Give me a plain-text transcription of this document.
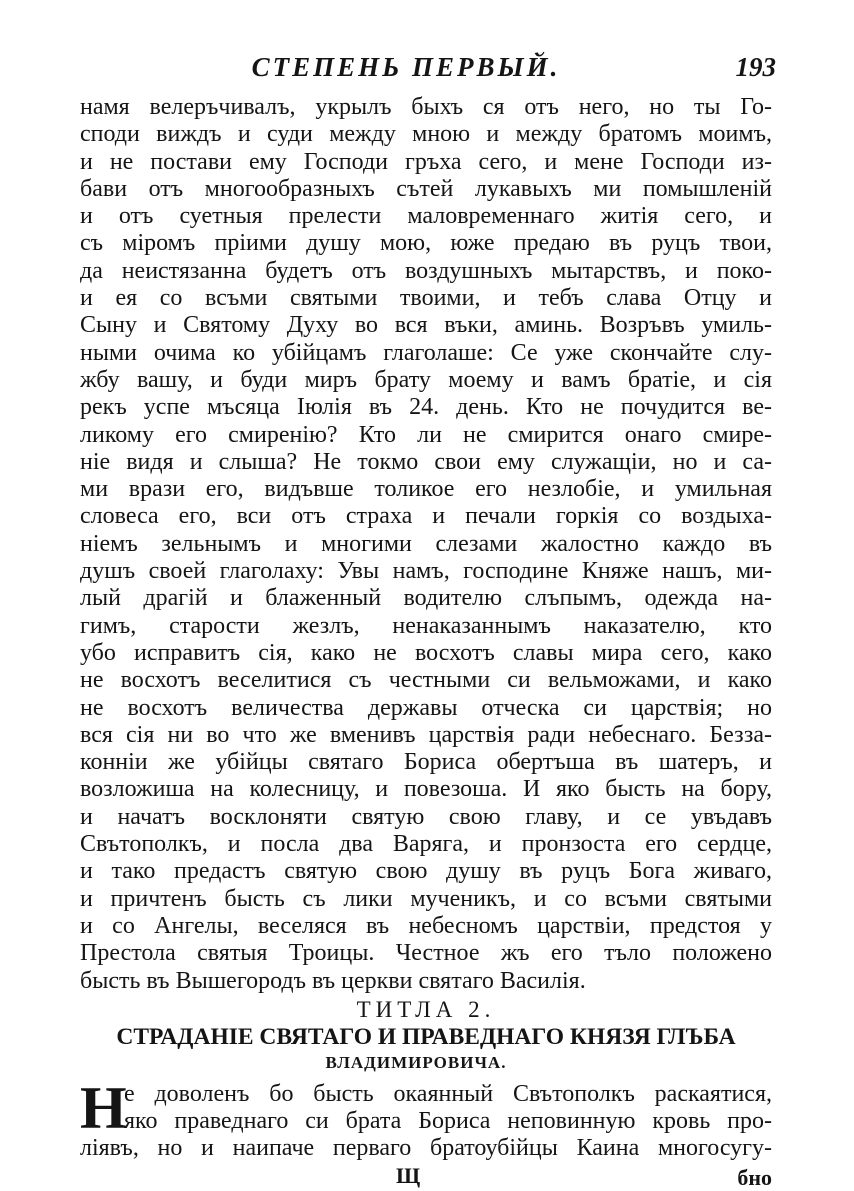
СТЕПЕНЬ ПЕРВЫЙ.	193
намя велеръчивалъ, укрылъ быхъ ся отъ него, но ты Го-
споди виждъ и суди между мною и между братомъ моимъ,
и не постави ему Господи гръха сего, и мене Господи из-
бави отъ многообразныхъ сътей лукавыхъ ми помышленій
и отъ суетныя прелести маловременнаго житія сего, и
съ міромъ пріими душу мою, юже предаю въ руцъ твои,
да неистязанна будетъ отъ воздушныхъ мытарствъ, и поко-
и ея со всъми святыми твоими, и тебъ слава Отцу и
Сыну и Святому Духу во вся въки, аминь. Возръвъ умиль-
ными очима ко убійцамъ глаголаше: Се уже скончайте слу-
жбу вашу, и буди миръ брату моему и вамъ братіе, и сія
рекъ успе мъсяца Іюлія въ 24. день. Кто не почудится ве-
ликому его смиренію? Кто ли не смирится онаго смире-
ніе видя и слыша? Не токмо свои ему служащіи, но и са-
ми врази его, видъвше толикое его незлобіе, и умильная
словеса его, вси отъ страха и печали горкія со воздыха-
ніемъ зельнымъ и многими слезами жалостно каждо въ
душъ своей глаголаху: Увы намъ, господине Княже нашъ, ми-
лый драгій и блаженный водителю слъпымъ, одежда на-
гимъ, старости жезлъ, ненаказаннымъ наказателю, кто
убо исправитъ сія, како не восхотъ славы мира сего, како
не восхотъ веселитися съ честными си вельможами, и како
не восхотъ величества державы отческа си царствія; но
вся сія ни во что же вменивъ царствія ради небеснаго. Безза-
конніи же убійцы святаго Бориса обертъша въ шатеръ, и
возложиша на колесницу, и повезоша. И яко бысть на бору,
и начатъ восклоняти святую свою главу, и се увъдавъ
Свътополкъ, и посла два Варяга, и пронзоста его сердце,
и тако предастъ святую свою душу въ руцъ Бога живаго,
и причтенъ бысть съ лики мученикъ, и со всъми святыми
и со Ангелы, веселяся въ небесномъ царствіи, предстоя у
Престола святыя Троицы. Честное жъ его тъло положено
бысть въ Вышегородъ въ церкви святаго Василія.
ТИТЛА 2.
СТРАДАНІЕ СВЯТАГО И ПРАВЕДНАГО КНЯЗЯ ГЛЪБА
ВЛАДИМИРОВИЧА.
Н
е доволенъ бо бысть окаянный Свътополкъ раскаятися,
яко праведнаго си брата Бориса неповинную кровь про-
ліявъ, но и наипаче перваго братоубійцы Каина многосугу-
Щ	бно
